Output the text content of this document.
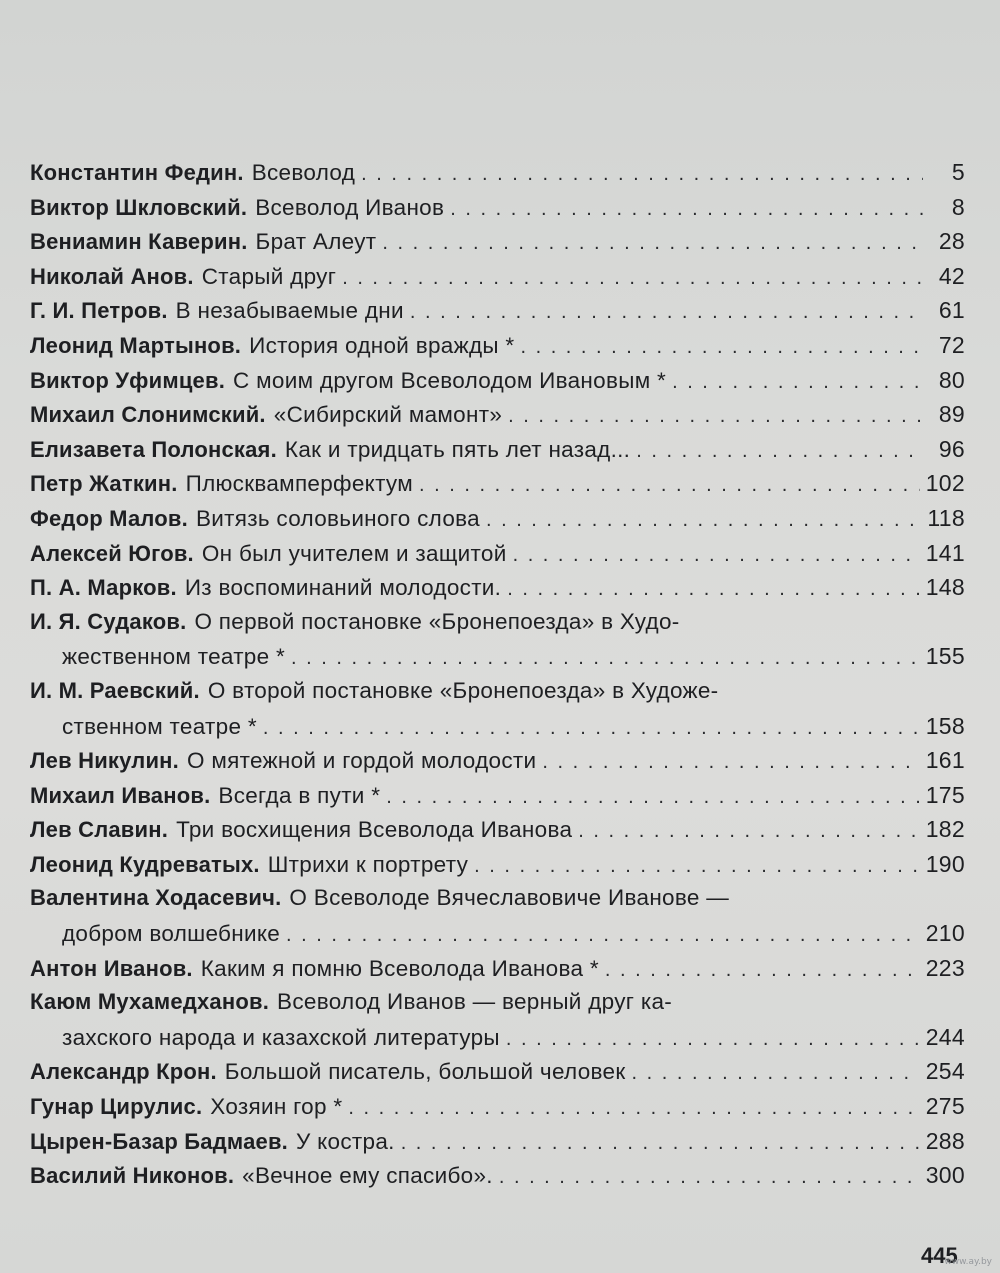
Константин Федин. Всеволод . . .	5
Виктор Шкловский. Всеволод Иванов . . .	8
Вениамин Каверин. Брат Алеут . . .	28
Николай Анов. Старый друг . . .	42
Г. И. Петров. В незабываемые дни . . .	61
Леонид Мартынов. История одной вражды * . . .	72
Виктор Уфимцев. С моим другом Всеволодом Ивановым * . . .	80
Михаил Слонимский. «Сибирский мамонт» . . .	89
Елизавета Полонская. Как и тридцать пять лет назад... . . .	96
Петр Жаткин. Плюсквамперфектум . . .	102
Федор Малов. Витязь соловьиного слова . . .	118
Алексей Югов. Он был учителем и защитой . . .	141
П. А. Марков. Из воспоминаний молодости. . . .	148
И. Я. Судаков. О первой постановке «Бронепоезда» в Худо-
жественном театре * . . .	155
И. М. Раевский. О второй постановке «Бронепоезда» в Художе-
ственном театре * . . .	158
Лев Никулин. О мятежной и гордой молодости . . .	161
Михаил Иванов. Всегда в пути * . . .	175
Лев Славин. Три восхищения Всеволода Иванова . . .	182
Леонид Кудреватых. Штрихи к портрету . . .	190
Валентина Ходасевич. О Всеволоде Вячеславовиче Иванове —
добром волшебнике . . .	210
Антон Иванов. Каким я помню Всеволода Иванова * . . .	223
Каюм Мухамедханов. Всеволод Иванов — верный друг ка-
захского народа и казахской литературы . . .	244
Александр Крон. Большой писатель, большой человек . . .	254
Гунар Цирулис. Хозяин гор * . . .	275
Цырен-Базар Бадмаев. У костра. . . .	288
Василий Никонов. «Вечное ему спасибо». . . .	300
445
www.ay.by
